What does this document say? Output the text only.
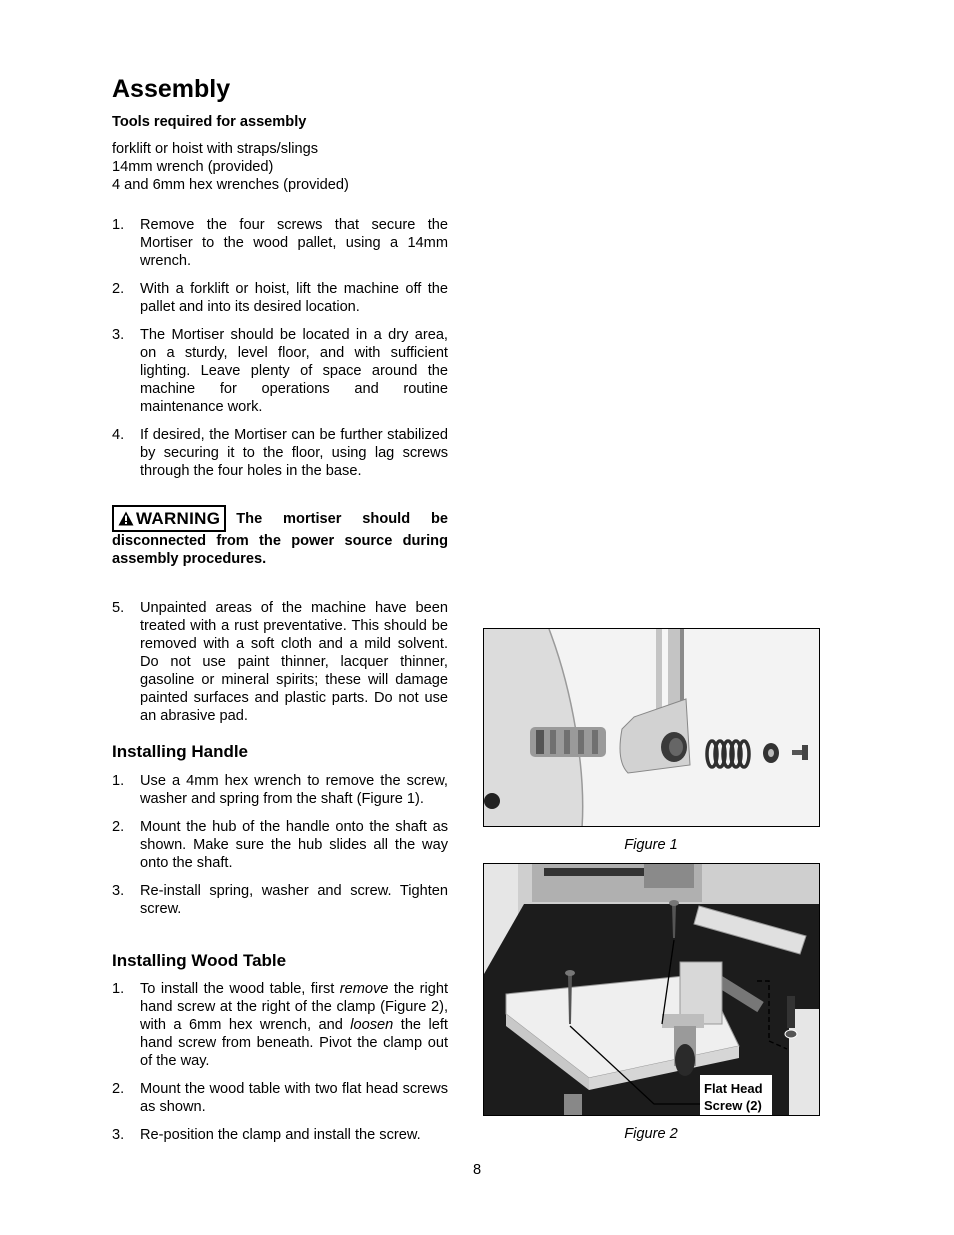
Assembly
Tools required for assembly
forklift or hoist with straps/slings
14mm wrench (provided)
4 and 6mm hex wrenches (provided)
1.	Remove the four screws that secure the Mortiser to the wood pallet, using a 14mm wrench.
2.	With a forklift or hoist, lift the machine off the pallet and into its desired location.
3.	The Mortiser should be located in a dry area, on a sturdy, level floor, and with sufficient lighting. Leave plenty of space around the machine for operations and routine maintenance work.
4.	If desired, the Mortiser can be further stabilized by securing it to the floor, using lag screws through the four holes in the base.
WARNING The mortiser should be disconnected from the power source during assembly procedures.
5.	Unpainted areas of the machine have been treated with a rust preventative. This should be removed with a soft cloth and a mild solvent. Do not use paint thinner, lacquer thinner, gasoline or mineral spirits; these will damage painted surfaces and plastic parts. Do not use an abrasive pad.
Installing Handle
1.	Use a 4mm hex wrench to remove the screw, washer and spring from the shaft (Figure 1).
2.	Mount the hub of the handle onto the shaft as shown. Make sure the hub slides all the way onto the shaft.
3.	Re-install spring, washer and screw. Tighten screw.
Installing Wood Table
1.	To install the wood table, first remove the right hand screw at the right of the clamp (Figure 2), with a 6mm hex wrench, and loosen the left hand screw from beneath. Pivot the clamp out of the way.
2.	Mount the wood table with two flat head screws as shown.
3.	Re-position the clamp and install the screw.
Figure 1
Flat Head
Screw (2)
Figure 2
8
